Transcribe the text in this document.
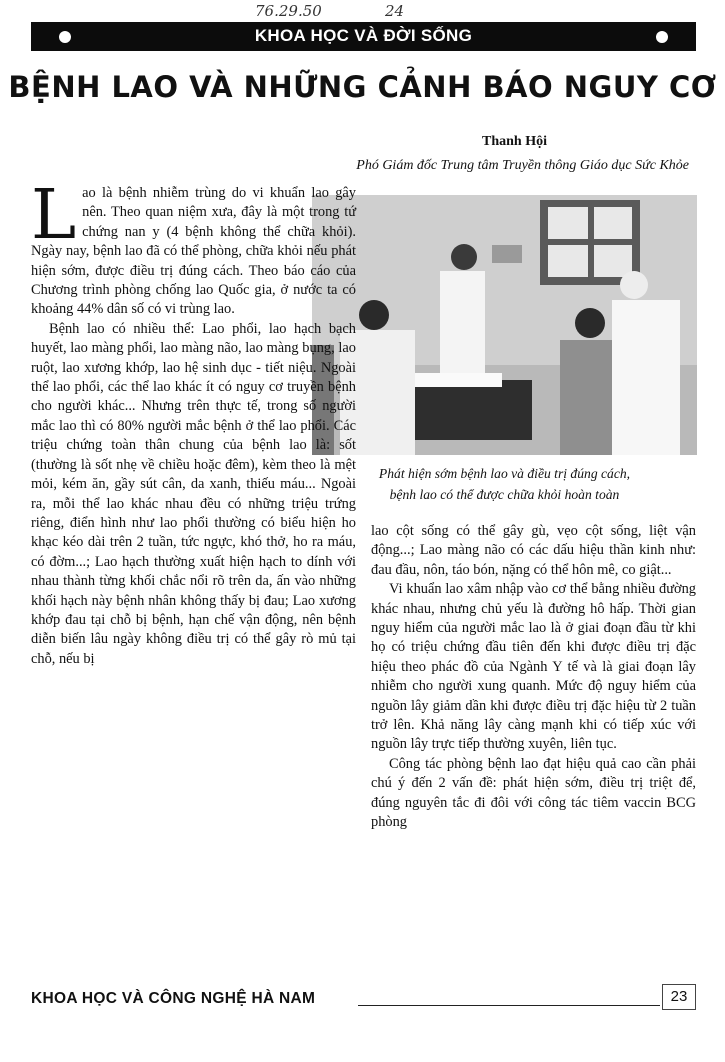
76.29.50	24
KHOA HỌC VÀ ĐỜI SỐNG
BỆNH LAO VÀ NHỮNG CẢNH BÁO NGUY CƠ
Thanh Hội
Phó Giám đốc Trung tâm Truyền thông Giáo dục Sức Khỏe
Phát hiện sớm bệnh lao và điều trị đúng cách,
bệnh lao có thể được chữa khỏi hoàn toàn

Lao là bệnh nhiễm trùng do vi khuẩn lao gây nên. Theo quan niệm xưa, đây là một trong tứ chứng nan y (4 bệnh không thể chữa khỏi). Ngày nay, bệnh lao đã có thể phòng, chữa khỏi nếu phát hiện sớm, được điều trị đúng cách. Theo báo cáo của Chương trình phòng chống lao Quốc gia, ở nước ta có khoảng 44% dân số có vi trùng lao.

Bệnh lao có nhiều thể: Lao phổi, lao hạch bạch huyết, lao màng phổi, lao màng não, lao màng bụng, lao ruột, lao xương khớp, lao hệ sinh dục - tiết niệu. Ngoài thể lao phổi, các thể lao khác ít có nguy cơ truyền bệnh cho người khác... Nhưng trên thực tế, trong số người mắc lao thì có 80% người mắc bệnh ở thể lao phổi. Các triệu chứng toàn thân chung của bệnh lao là: sốt (thường là sốt nhẹ về chiều hoặc đêm), kèm theo là mệt mỏi, kém ăn, gầy sút cân, da xanh, thiếu máu... Ngoài ra, mỗi thể lao khác nhau đều có những triệu trứng riêng, điển hình như lao phổi thường có biểu hiện ho khạc kéo dài trên 2 tuần, tức ngực, khó thở, ho ra máu, có đờm...; Lao hạch thường xuất hiện hạch to dính với nhau thành từng khối chắc nổi rõ trên da, ấn vào những khối hạch này bệnh nhân không thấy bị đau; Lao xương khớp đau tại chỗ bị bệnh, hạn chế vận động, nên bệnh diễn biến lâu ngày không điều trị có thể gây rò mủ tại chỗ, nếu bị

lao cột sống có thể gây gù, vẹo cột sống, liệt vận động...; Lao màng não có các dấu hiệu thần kinh như: đau đầu, nôn, táo bón, nặng có thể hôn mê, co giật...

Vi khuẩn lao xâm nhập vào cơ thể bằng nhiều đường khác nhau, nhưng chủ yếu là đường hô hấp. Thời gian nguy hiểm của người mắc lao là ở giai đoạn đầu từ khi họ có triệu chứng đầu tiên đến khi được điều trị đặc hiệu theo phác đồ của Ngành Y tế và là giai đoạn lây nhiễm cho người xung quanh. Mức độ nguy hiểm của nguồn lây giảm dần khi được điều trị đặc hiệu từ 2 tuần trở lên. Khả năng lây càng mạnh khi có tiếp xúc với nguồn lây trực tiếp thường xuyên, liên tục.

Công tác phòng bệnh lao đạt hiệu quả cao cần phải chú ý đến 2 vấn đề: phát hiện sớm, điều trị triệt để, đúng nguyên tắc đi đôi với công tác tiêm vaccin BCG phòng

KHOA HỌC VÀ CÔNG NGHỆ HÀ NAM	23
